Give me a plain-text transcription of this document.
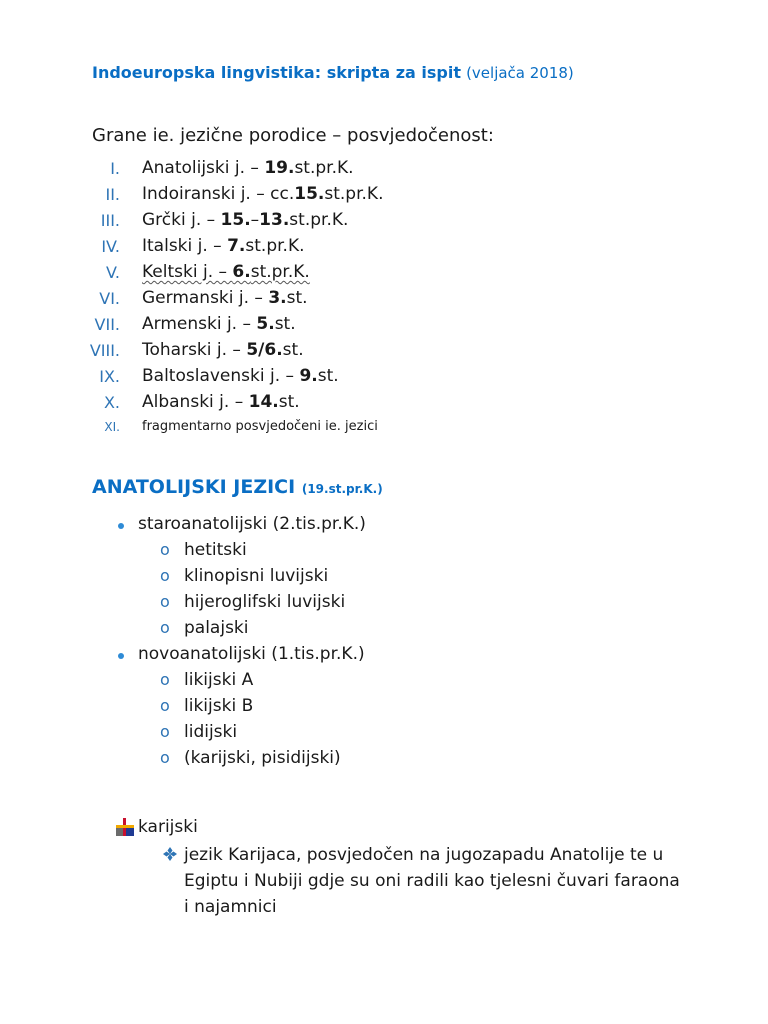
Indoeuropska lingvistika: skripta za ispit (veljača 2018)
Grane ie. jezične porodice – posvjedočenost:
I. Anatolijski j. – 19.st.pr.K.
II. Indoiranski j. – cc.15.st.pr.K.
III. Grčki j. – 15.–13.st.pr.K.
IV. Italski j. – 7.st.pr.K.
V. Keltski j. – 6.st.pr.K.
VI. Germanski j. – 3.st.
VII. Armenski j. – 5.st.
VIII. Toharski j. – 5/6.st.
IX. Baltoslavenski j. – 9.st.
X. Albanski j. – 14.st.
XI. fragmentarno posvjedočeni ie. jezici
ANATOLIJSKI JEZICI (19.st.pr.K.)
staroanatolijski (2.tis.pr.K.)
o hetitski
o klinopisni luvijski
o hijeroglifski luvijski
o palajski
novoanatolijski (1.tis.pr.K.)
o likijski A
o likijski B
o lidijski
o (karijski, pisidijski)
karijski
jezik Karijaca, posvjedočen na jugozapadu Anatolije te u Egiptu i Nubiji gdje su oni radili kao tjelesni čuvari faraona i najamnici
